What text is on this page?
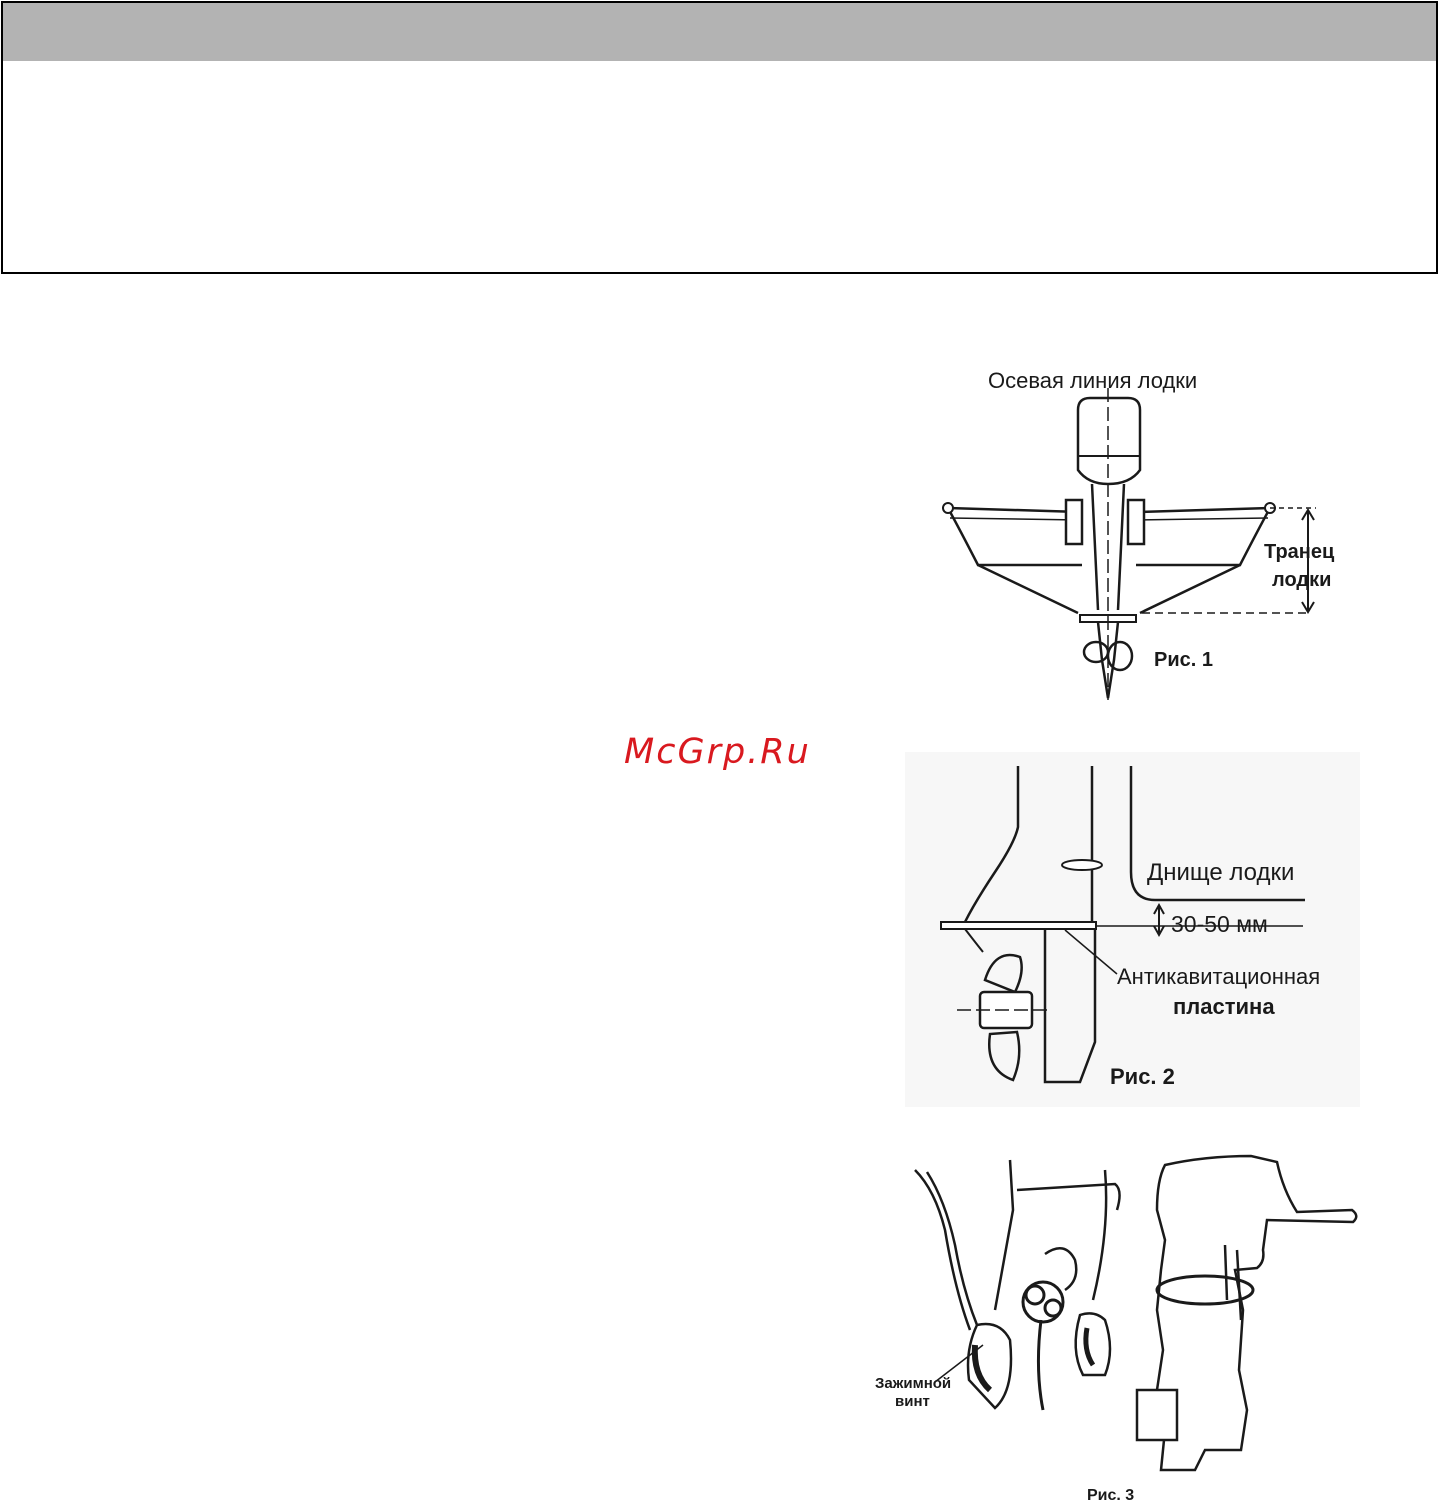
McGrp.Ru
Осевая линия лодки
Транец
лодки
Рис. 1
Днище лодки
30-50 мм
Антикавитационная
пластина
Рис. 2
Зажимной
винт
Рис. 3
